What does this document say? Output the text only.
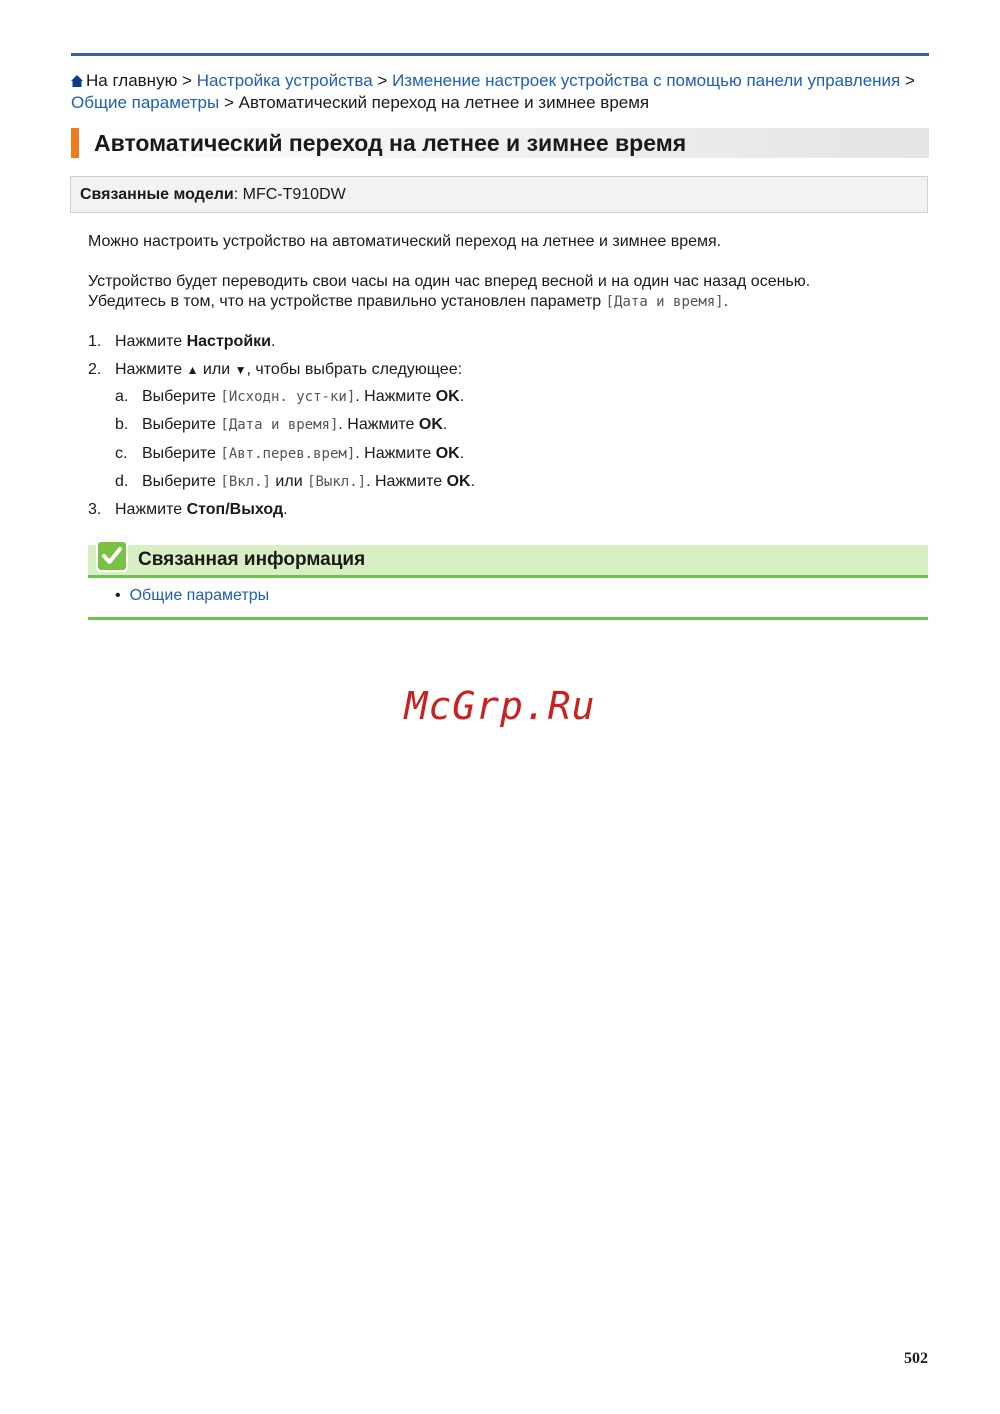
На главную > Настройка устройства > Изменение настроек устройства с помощью панели управления > Общие параметры > Автоматический переход на летнее и зимнее время
Автоматический переход на летнее и зимнее время
Связанные модели: MFC-T910DW

Можно настроить устройство на автоматический переход на летнее и зимнее время.

Устройство будет переводить свои часы на один час вперед весной и на один час назад осенью. Убедитесь в том, что на устройстве правильно установлен параметр [Дата и время].

1. Нажмите Настройки.
2. Нажмите ▲ или ▼, чтобы выбрать следующее:
a. Выберите [Исходн. уст-ки]. Нажмите OK.
b. Выберите [Дата и время]. Нажмите OK.
c. Выберите [Авт.перев.врем]. Нажмите OK.
d. Выберите [Вкл.] или [Выкл.]. Нажмите OK.
3. Нажмите Стоп/Выход.
Связанная информация
• Общие параметры
McGrp.Ru
502
